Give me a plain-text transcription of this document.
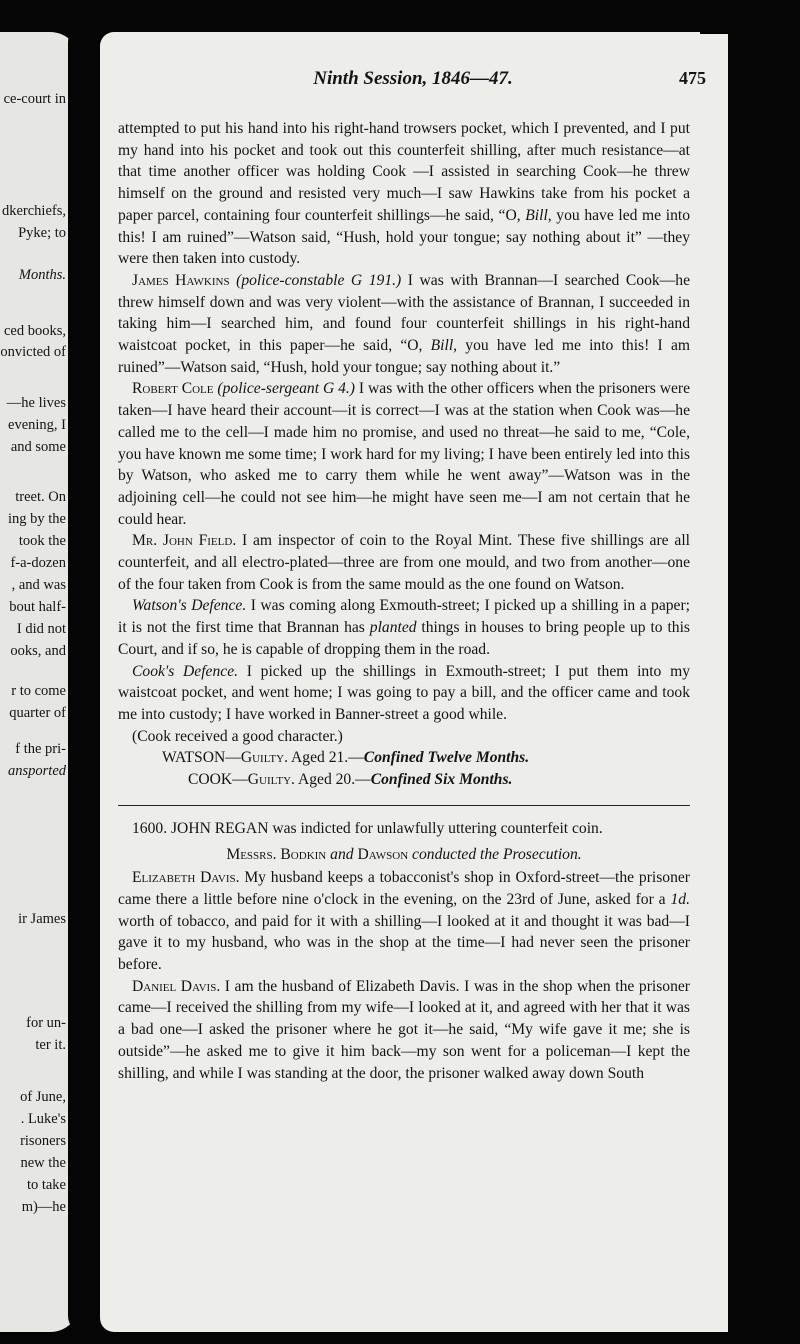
ce-court in
dkerchiefs,
Pyke; to
Months.
ced books,
onvicted of
—he lives
evening, I
and some
treet. On
ing by the
took the
f-a-dozen
, and was
bout half-
I did not
ooks, and
r to come
quarter of
f the pri-
ansported
ir James
for un-
ter it.
of June,
. Luke's
risoners
new the
to take
m)—he
Ninth Session, 1846—47.	475

attempted to put his hand into his right-hand trowsers pocket, which I prevented, and I put my hand into his pocket and took out this counterfeit shilling, after much resistance—at that time another officer was holding Cook —I assisted in searching Cook—he threw himself on the ground and resisted very much—I saw Hawkins take from his pocket a paper parcel, containing four counterfeit shillings—he said, “O, Bill, you have led me into this! I am ruined”—Watson said, “Hush, hold your tongue; say nothing about it” —they were then taken into custody.

James Hawkins (police-constable G 191.) I was with Brannan—I searched Cook—he threw himself down and was very violent—with the assistance of Brannan, I succeeded in taking him—I searched him, and found four counterfeit shillings in his right-hand waistcoat pocket, in this paper—he said, “O, Bill, you have led me into this! I am ruined”—Watson said, “Hush, hold your tongue; say nothing about it.”

Robert Cole (police-sergeant G 4.) I was with the other officers when the prisoners were taken—I have heard their account—it is correct—I was at the station when Cook was—he called me to the cell—I made him no promise, and used no threat—he said to me, “Cole, you have known me some time; I work hard for my living; I have been entirely led into this by Watson, who asked me to carry them while he went away”—Watson was in the adjoining cell—he could not see him—he might have seen me—I am not certain that he could hear.

Mr. John Field. I am inspector of coin to the Royal Mint. These five shillings are all counterfeit, and all electro-plated—three are from one mould, and two from another—one of the four taken from Cook is from the same mould as the one found on Watson.

Watson's Defence. I was coming along Exmouth-street; I picked up a shilling in a paper; it is not the first time that Brannan has planted things in houses to bring people up to this Court, and if so, he is capable of dropping them in the road.

Cook's Defence. I picked up the shillings in Exmouth-street; I put them into my waistcoat pocket, and went home; I was going to pay a bill, and the officer came and took me into custody; I have worked in Banner-street a good while.

(Cook received a good character.)

WATSON—Guilty. Aged 21.—Confined Twelve Months.

COOK—Guilty. Aged 20.—Confined Six Months.

1600. JOHN REGAN was indicted for unlawfully uttering counterfeit coin.

Messrs. Bodkin and Dawson conducted the Prosecution.

Elizabeth Davis. My husband keeps a tobacconist's shop in Oxford-street—the prisoner came there a little before nine o'clock in the evening, on the 23rd of June, asked for a 1d. worth of tobacco, and paid for it with a shilling—I looked at it and thought it was bad—I gave it to my husband, who was in the shop at the time—I had never seen the prisoner before.

Daniel Davis. I am the husband of Elizabeth Davis. I was in the shop when the prisoner came—I received the shilling from my wife—I looked at it, and agreed with her that it was a bad one—I asked the prisoner where he got it—he said, “My wife gave it me; she is outside”—he asked me to give it him back—my son went for a policeman—I kept the shilling, and while I was standing at the door, the prisoner walked away down South
